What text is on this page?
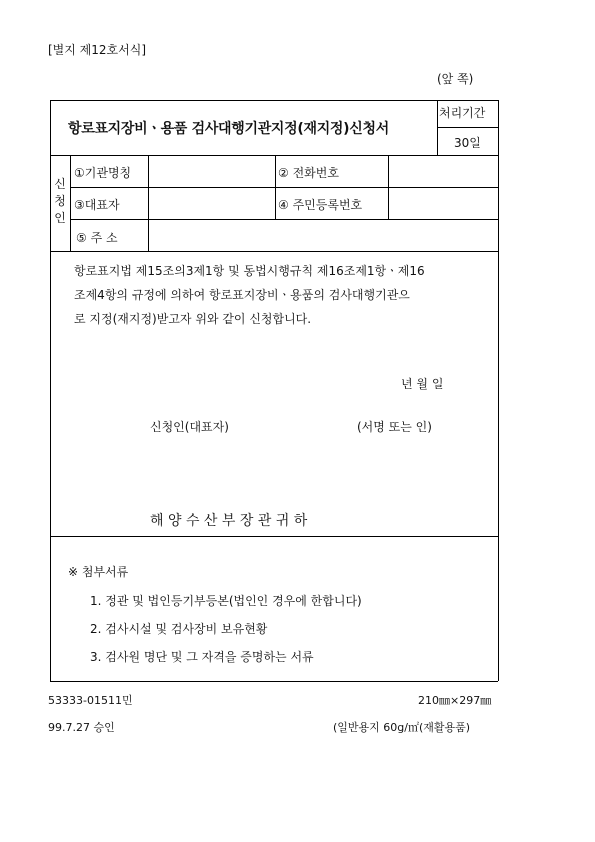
[별지 제12호서식]
(앞 쪽)
항로표지장비ㆍ용품 검사대행기관지정(재지정)신청서
처리기간
30일
신
청
인
①기관명칭	② 전화번호
③대표자	④ 주민등록번호
⑤ 주 소
항로표지법 제15조의3제1항 및 동법시행규칙 제16조제1항ㆍ제16
조제4항의 규정에 의하여 항로표지장비ㆍ용품의 검사대행기관으
로 지정(재지정)받고자 위와 같이 신청합니다.
년 월 일
신청인(대표자)	(서명 또는 인)
해 양 수 산 부 장 관 귀 하
※ 첨부서류
1. 정관 및 법인등기부등본(법인인 경우에 한합니다)
2. 검사시설 및 검사장비 보유현황
3. 검사원 명단 및 그 자격을 증명하는 서류
53333-01511민	210㎜×297㎜
99.7.27 승인	(일반용지 60g/㎡(재활용품)
